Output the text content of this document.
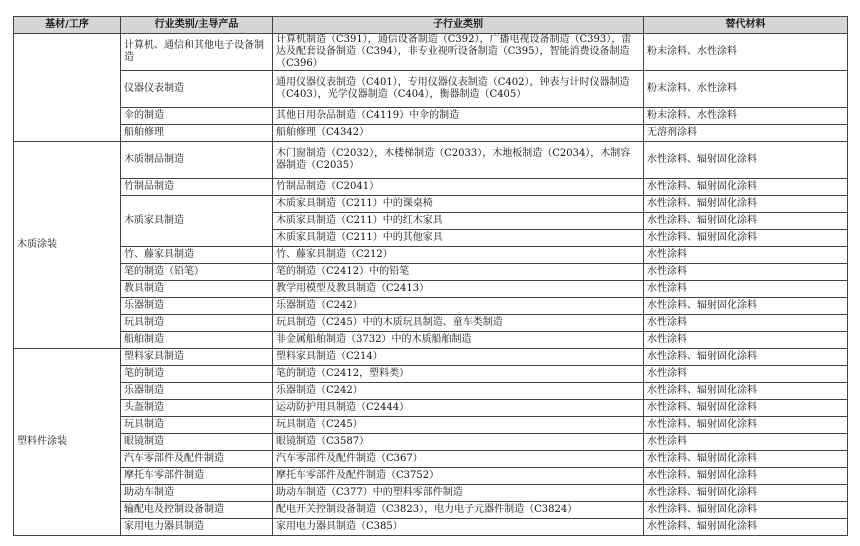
基材/工序	行业类别/主导产品	子行业类别	替代材料
	计算机、通信和其他电子设备制造	计算机制造（C391），通信设备制造（C392），广播电视设备制造（C393），雷达及配套设备制造（C394），非专业视听设备制造（C395），智能消费设备制造（C396）	粉末涂料、水性涂料
	仪器仪表制造	通用仪器仪表制造（C401），专用仪器仪表制造（C402），钟表与计时仪器制造（C403），光学仪器制造（C404），衡器制造（C405）	粉末涂料、水性涂料
	伞的制造	其他日用杂品制造（C4119）中伞的制造	粉末涂料、水性涂料
	船舶修理	船舶修理（C4342）	无溶剂涂料
木质涂装	木质制品制造	木门窗制造（C2032），木楼梯制造（C2033），木地板制造（C2034），木制容器制造（C2035）	水性涂料、辐射固化涂料
	竹制品制造	竹制品制造（C2041）	水性涂料、辐射固化涂料
	木质家具制造	木质家具制造（C211）中的课桌椅	水性涂料、辐射固化涂料
		木质家具制造（C211）中的红木家具	水性涂料、辐射固化涂料
		木质家具制造（C211）中的其他家具	水性涂料、辐射固化涂料
	竹、藤家具制造	竹、藤家具制造（C212）	水性涂料
	笔的制造（铅笔）	笔的制造（C2412）中的铅笔	水性涂料
	教具制造	教学用模型及教具制造（C2413）	水性涂料
	乐器制造	乐器制造（C242）	水性涂料、辐射固化涂料
	玩具制造	玩具制造（C245）中的木质玩具制造、童车类制造	水性涂料
	船舶制造	非金属船舶制造（3732）中的木质船舶制造	水性涂料
塑料件涂装	塑料家具制造	塑料家具制造（C214）	水性涂料、辐射固化涂料
	笔的制造	笔的制造（C2412，塑料类）	水性涂料
	乐器制造	乐器制造（C242）	水性涂料、辐射固化涂料
	头盔制造	运动防护用具制造（C2444）	水性涂料、辐射固化涂料
	玩具制造	玩具制造（C245）	水性涂料、辐射固化涂料
	眼镜制造	眼镜制造（C3587）	水性涂料
	汽车零部件及配件制造	汽车零部件及配件制造（C367）	水性涂料、辐射固化涂料
	摩托车零部件制造	摩托车零部件及配件制造（C3752）	水性涂料、辐射固化涂料
	助动车制造	助动车制造（C377）中的塑料零部件制造	水性涂料、辐射固化涂料
	输配电及控制设备制造	配电开关控制设备制造（C3823），电力电子元器件制造（C3824）	水性涂料、辐射固化涂料
	家用电力器具制造	家用电力器具制造（C385）	水性涂料、辐射固化涂料
